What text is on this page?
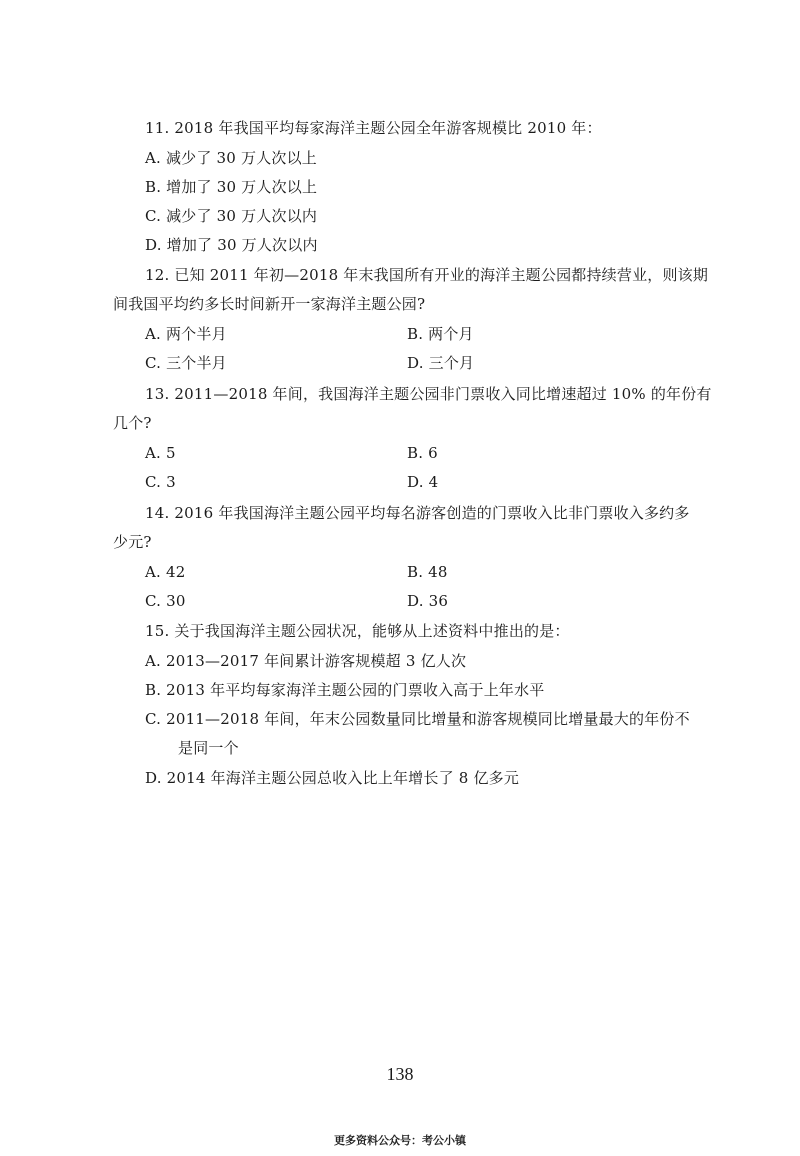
11. 2018 年我国平均每家海洋主题公园全年游客规模比 2010 年：
A. 减少了 30 万人次以上
B. 增加了 30 万人次以上
C. 减少了 30 万人次以内
D. 增加了 30 万人次以内
12. 已知 2011 年初—2018 年末我国所有开业的海洋主题公园都持续营业，则该期
间我国平均约多长时间新开一家海洋主题公园?
A. 两个半月	B. 两个月
C. 三个半月	D. 三个月
13. 2011—2018 年间，我国海洋主题公园非门票收入同比增速超过 10% 的年份有
几个?
A. 5	B. 6
C. 3	D. 4
14. 2016 年我国海洋主题公园平均每名游客创造的门票收入比非门票收入多约多
少元?
A. 42	B. 48
C. 30	D. 36
15. 关于我国海洋主题公园状况，能够从上述资料中推出的是：
A. 2013—2017 年间累计游客规模超 3 亿人次
B. 2013 年平均每家海洋主题公园的门票收入高于上年水平
C. 2011—2018 年间，年末公园数量同比增量和游客规模同比增量最大的年份不
是同一个
D. 2014 年海洋主题公园总收入比上年增长了 8 亿多元
138
更多资料公众号：考公小镇
